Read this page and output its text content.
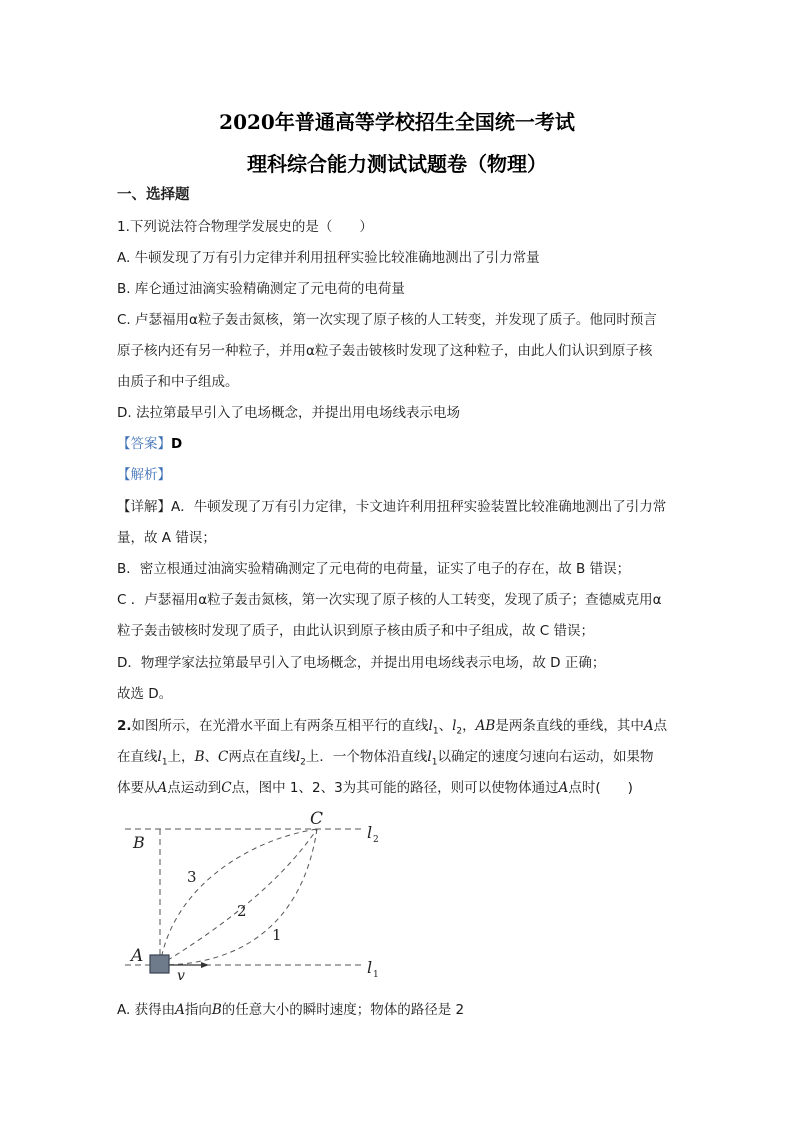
2020年普通高等学校招生全国统一考试
理科综合能力测试试题卷（物理）
一、选择题
1.下列说法符合物理学发展史的是（　　）
A. 牛顿发现了万有引力定律并利用扭秤实验比较准确地测出了引力常量
B. 库仑通过油滴实验精确测定了元电荷的电荷量
C. 卢瑟福用α粒子轰击氮核，第一次实现了原子核的人工转变，并发现了质子。他同时预言
原子核内还有另一种粒子，并用α粒子轰击铍核时发现了这种粒子，由此人们认识到原子核
由质子和中子组成。
D. 法拉第最早引入了电场概念，并提出用电场线表示电场
【答案】D
【解析】
【详解】A．牛顿发现了万有引力定律，卡文迪许利用扭秤实验装置比较准确地测出了引力常
量，故 A 错误；
B．密立根通过油滴实验精确测定了元电荷的电荷量，证实了电子的存在，故 B 错误；
C ．卢瑟福用α粒子轰击氮核，第一次实现了原子核的人工转变，发现了质子；查德威克用α
粒子轰击铍核时发现了质子，由此认识到原子核由质子和中子组成，故 C 错误；
D．物理学家法拉第最早引入了电场概念，并提出用电场线表示电场，故 D 正确；
故选 D。
2.如图所示，在光滑水平面上有两条互相平行的直线$l_1$、$l_2$，AB是两条直线的垂线，其中A点
在直线$l_1$上，B、C两点在直线$l_2$上．一个物体沿直线$l_1$以确定的速度匀速向右运动，如果物
体要从A点运动到C点，图中 1、2、3为其可能的路径，则可以使物体通过A点时(　　)
B
C
A
v
l 2
l 1
3
2
1
A. 获得由A指向B的任意大小的瞬时速度；物体的路径是 2
